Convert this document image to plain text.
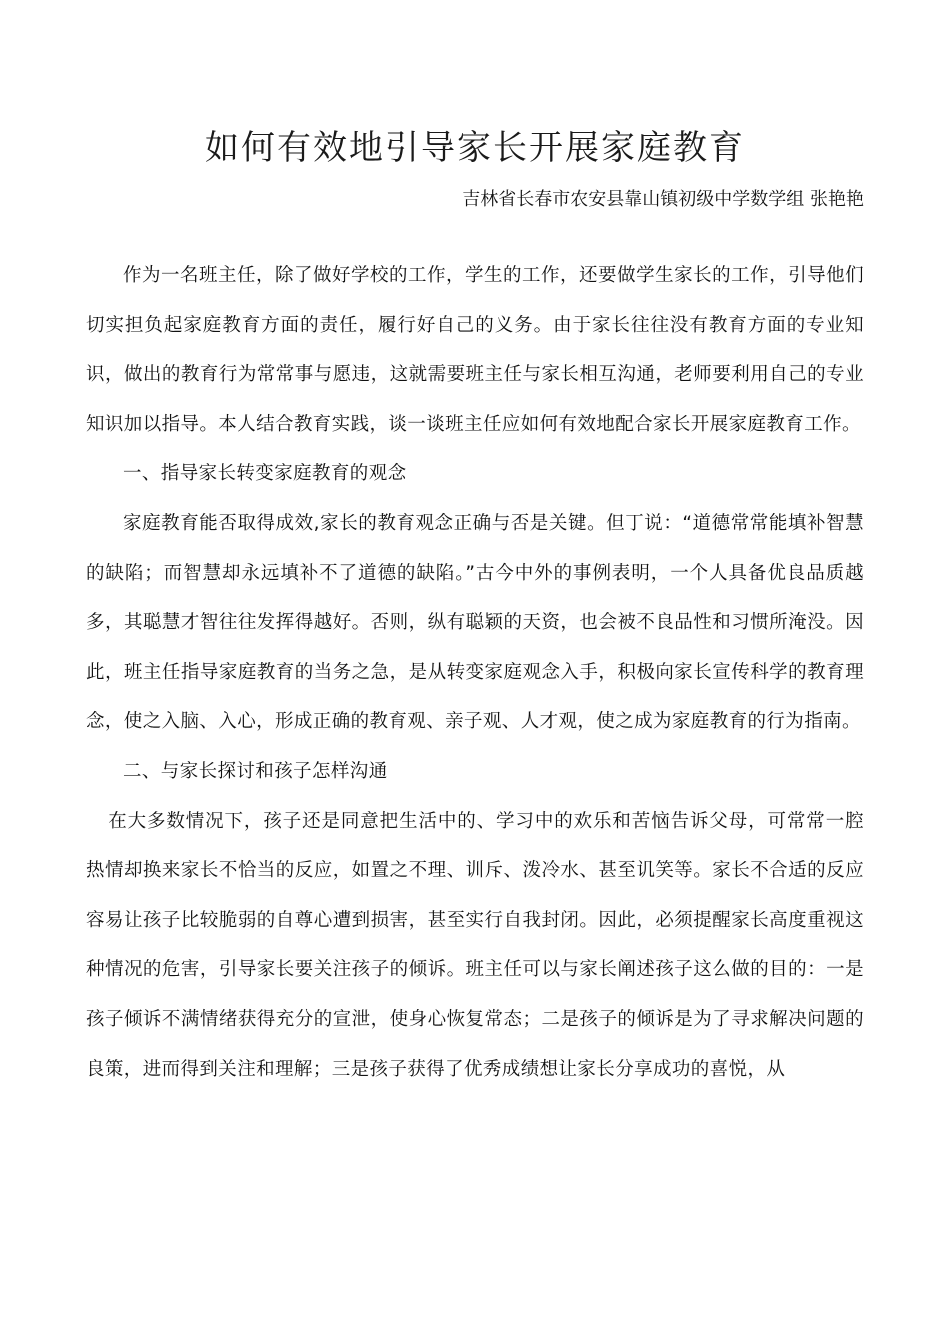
如何有效地引导家长开展家庭教育
吉林省长春市农安县靠山镇初级中学数学组 张艳艳

作为一名班主任，除了做好学校的工作，学生的工作，还要做学生家长的工作，引导他们切实担负起家庭教育方面的责任，履行好自己的义务。由于家长往往没有教育方面的专业知识，做出的教育行为常常事与愿违，这就需要班主任与家长相互沟通，老师要利用自己的专业知识加以指导。本人结合教育实践，谈一谈班主任应如何有效地配合家长开展家庭教育工作。

一、指导家长转变家庭教育的观念

家庭教育能否取得成效,家长的教育观念正确与否是关键。但丁说：“道德常常能填补智慧的缺陷；而智慧却永远填补不了道德的缺陷。”古今中外的事例表明，一个人具备优良品质越多，其聪慧才智往往发挥得越好。否则，纵有聪颖的天资，也会被不良品性和习惯所淹没。因此，班主任指导家庭教育的当务之急，是从转变家庭观念入手，积极向家长宣传科学的教育理念，使之入脑、入心，形成正确的教育观、亲子观、人才观，使之成为家庭教育的行为指南。

二、与家长探讨和孩子怎样沟通

在大多数情况下，孩子还是同意把生活中的、学习中的欢乐和苦恼告诉父母，可常常一腔热情却换来家长不恰当的反应，如置之不理、训斥、泼冷水、甚至讥笑等。家长不合适的反应容易让孩子比较脆弱的自尊心遭到损害，甚至实行自我封闭。因此，必须提醒家长高度重视这种情况的危害，引导家长要关注孩子的倾诉。班主任可以与家长阐述孩子这么做的目的：一是孩子倾诉不满情绪获得充分的宣泄，使身心恢复常态；二是孩子的倾诉是为了寻求解决问题的良策，进而得到关注和理解；三是孩子获得了优秀成绩想让家长分享成功的喜悦，从
